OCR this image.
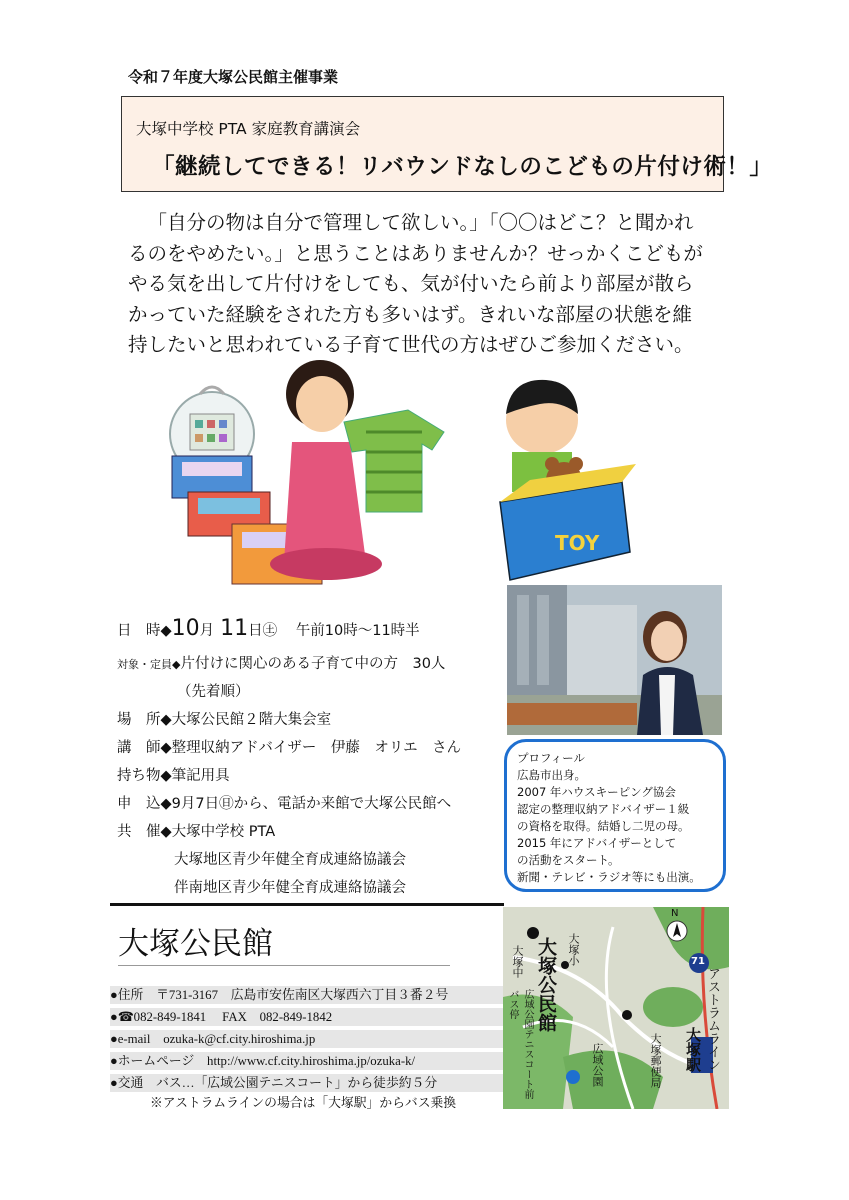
令和７年度大塚公民館主催事業
大塚中学校 PTA 家庭教育講演会
「継続してできる！リバウンドなしのこどもの片付け術！」
「自分の物は自分で管理して欲しい。」「〇〇はどこ？と聞かれ
るのをやめたい。」と思うことはありませんか？せっかくこどもが
やる気を出して片付けをしても、気が付いたら前より部屋が散ら
かっていた経験をされた方も多いはず。きれいな部屋の状態を維
持したいと思われている子育て世代の方はぜひご参加ください。
TOY
日　時◆10月 11日㊏ 午前10時～11時半
対象・定員◆片付けに関心のある子育て中の方　30人
（先着順）
場　所◆大塚公民館２階大集会室
講　師◆整理収納アドバイザー　伊藤　オリエ　さん
持ち物◆筆記用具
申　込◆9月7日㊐から、電話か来館で大塚公民館へ
共　催◆大塚中学校 PTA
大塚地区青少年健全育成連絡協議会
伴南地区青少年健全育成連絡協議会
プロフィール
広島市出身。
2007 年ハウスキーピング協会
認定の整理収納アドバイザー１級
の資格を取得。結婚し二児の母。
2015 年にアドバイザーとして
の活動をスタート。
新聞・テレビ・ラジオ等にも出演。
大塚公民館
●住所　〒731-3167　広島市安佐南区大塚西六丁目３番２号
●☎082-849-1841　 FAX　082-849-1842
●e-mail　ozuka-k@cf.city.hiroshima.jp
●ホームページ　http://www.cf.city.hiroshima.jp/ozuka-k/
●交通　バス…「広域公園テニスコート」から徒歩約５分
※アストラムラインの場合は「大塚駅」からバス乗換
N
71
大塚公民館
大塚中	大塚小
広域公園テニスコート前バス停
大塚郵便局
広域公園	アストラムライン
大塚駅
